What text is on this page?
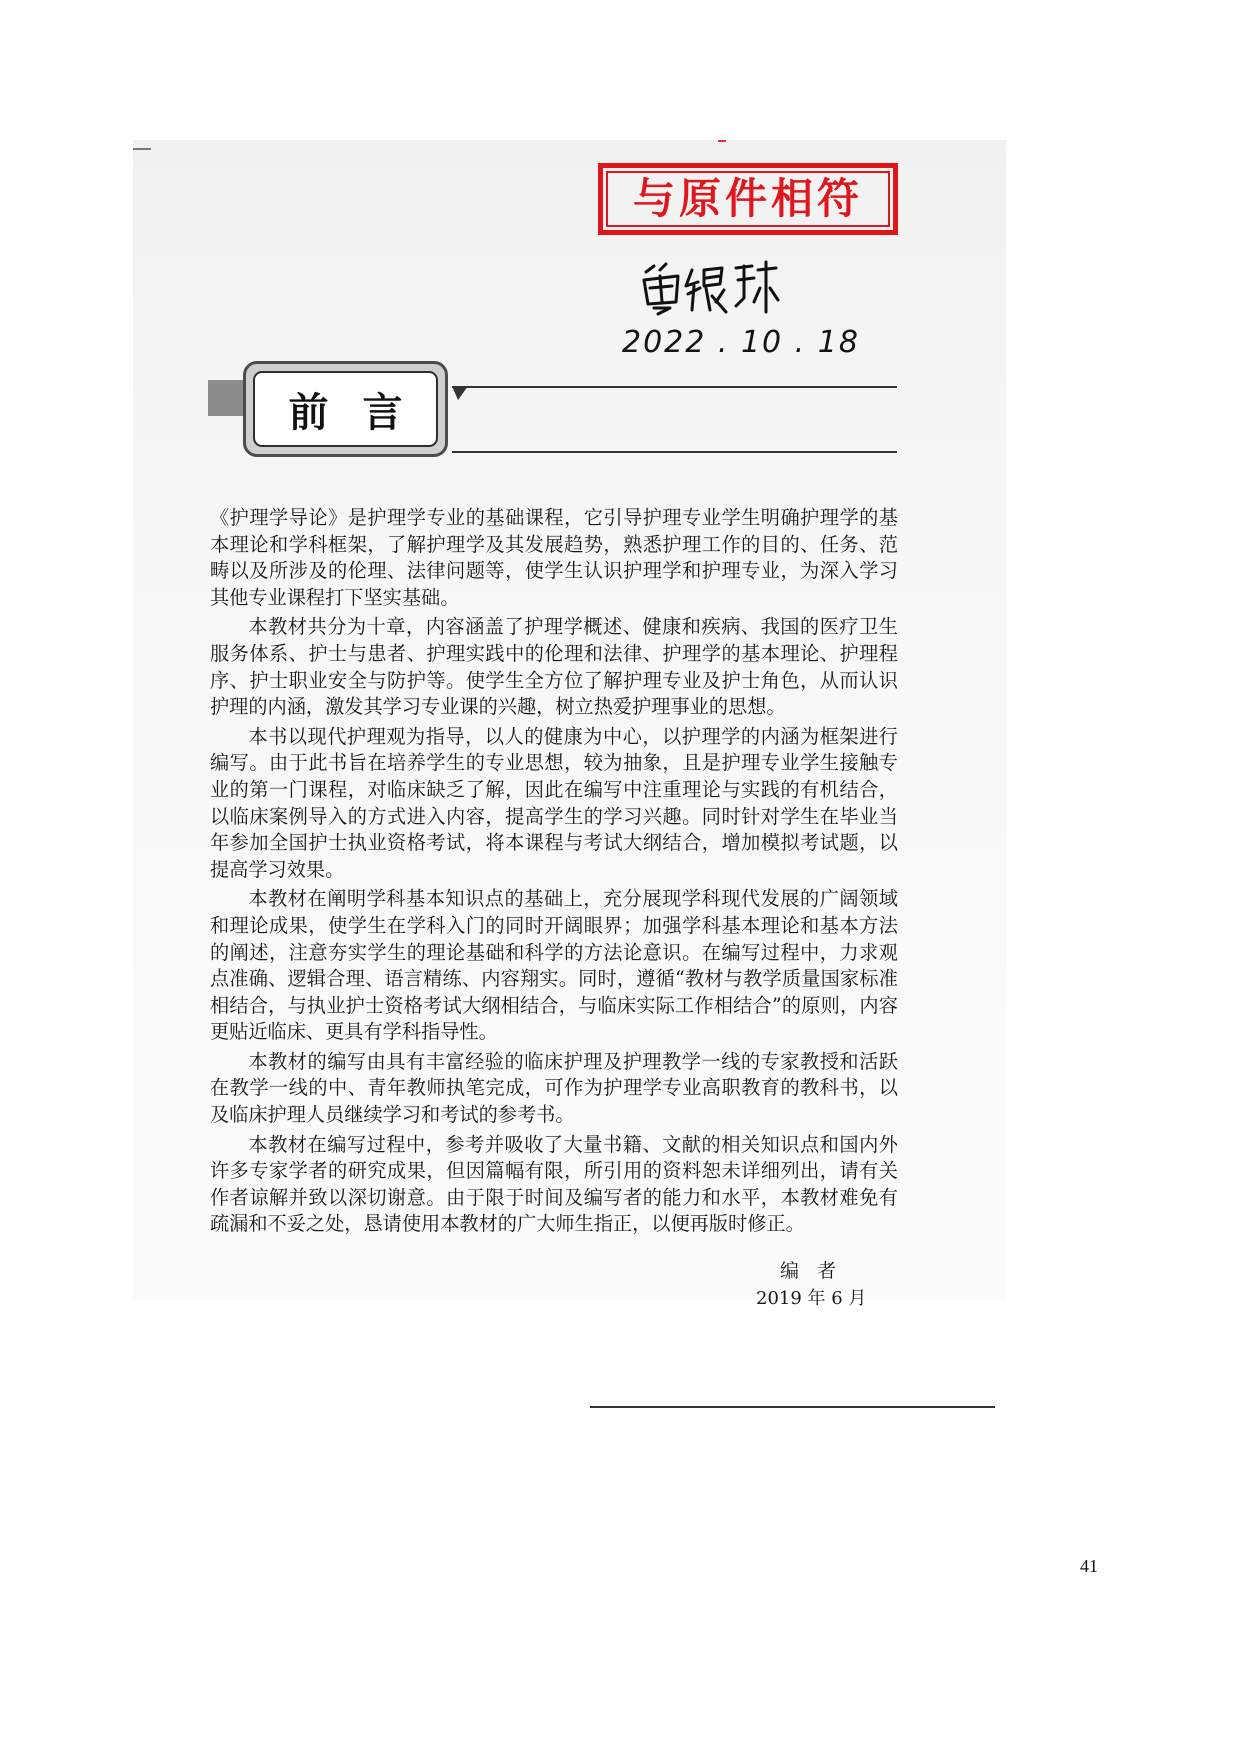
与原件相符
2022 . 10 . 18
前言

《护理学导论》是护理学专业的基础课程，它引导护理专业学生明确护理学的基本理论和学科框架，了解护理学及其发展趋势，熟悉护理工作的目的、任务、范畴以及所涉及的伦理、法律问题等，使学生认识护理学和护理专业，为深入学习其他专业课程打下坚实基础。

本教材共分为十章，内容涵盖了护理学概述、健康和疾病、我国的医疗卫生服务体系、护士与患者、护理实践中的伦理和法律、护理学的基本理论、护理程序、护士职业安全与防护等。使学生全方位了解护理专业及护士角色，从而认识护理的内涵，激发其学习专业课的兴趣，树立热爱护理事业的思想。

本书以现代护理观为指导，以人的健康为中心，以护理学的内涵为框架进行编写。由于此书旨在培养学生的专业思想，较为抽象，且是护理专业学生接触专业的第一门课程，对临床缺乏了解，因此在编写中注重理论与实践的有机结合，以临床案例导入的方式进入内容，提高学生的学习兴趣。同时针对学生在毕业当年参加全国护士执业资格考试，将本课程与考试大纲结合，增加模拟考试题，以提高学习效果。

本教材在阐明学科基本知识点的基础上，充分展现学科现代发展的广阔领域和理论成果，使学生在学科入门的同时开阔眼界；加强学科基本理论和基本方法的阐述，注意夯实学生的理论基础和科学的方法论意识。在编写过程中，力求观点准确、逻辑合理、语言精练、内容翔实。同时，遵循“教材与教学质量国家标准相结合，与执业护士资格考试大纲相结合，与临床实际工作相结合”的原则，内容更贴近临床、更具有学科指导性。

本教材的编写由具有丰富经验的临床护理及护理教学一线的专家教授和活跃在教学一线的中、青年教师执笔完成，可作为护理学专业高职教育的教科书，以及临床护理人员继续学习和考试的参考书。

本教材在编写过程中，参考并吸收了大量书籍、文献的相关知识点和国内外许多专家学者的研究成果，但因篇幅有限，所引用的资料恕未详细列出，请有关作者谅解并致以深切谢意。由于限于时间及编写者的能力和水平，本教材难免有疏漏和不妥之处，恳请使用本教材的广大师生指正，以便再版时修正。

编者
2019 年 6 月
41
